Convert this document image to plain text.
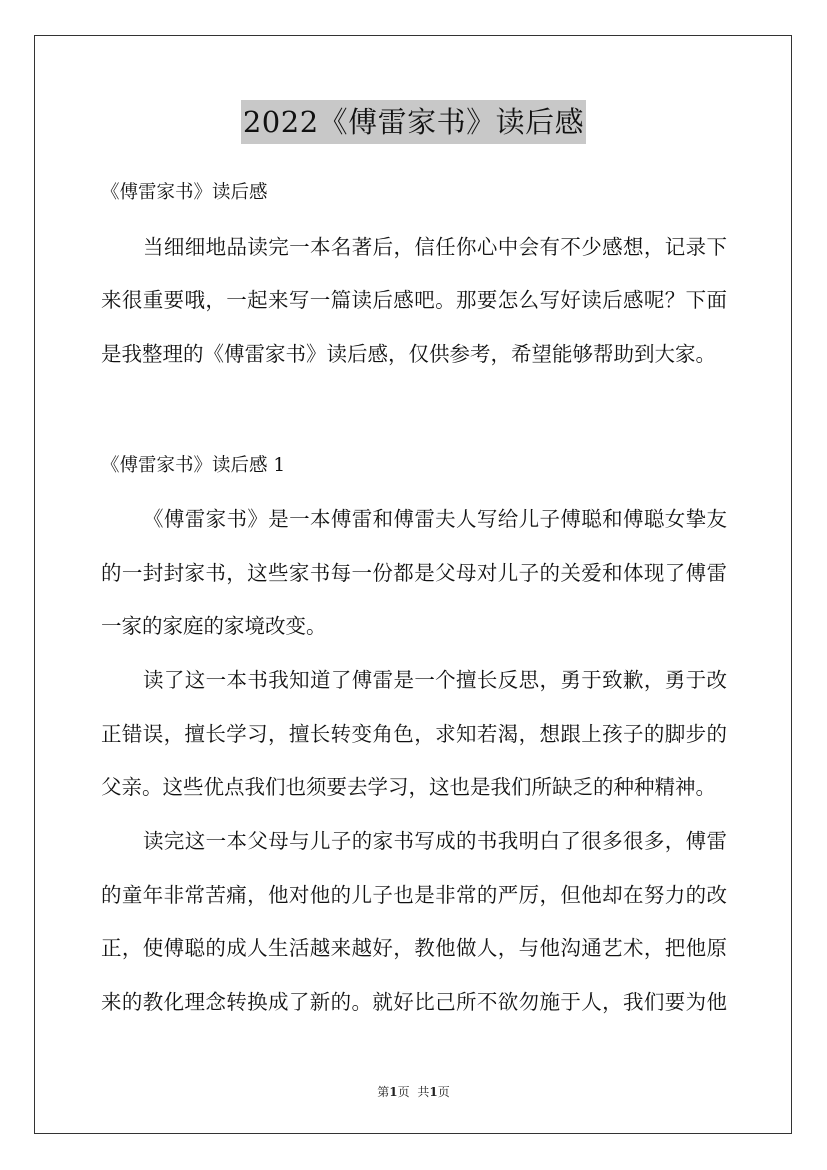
2022《傅雷家书》读后感
《傅雷家书》读后感
当细细地品读完一本名著后，信任你心中会有不少感想，记录下
来很重要哦，一起来写一篇读后感吧。那要怎么写好读后感呢？下面
是我整理的《傅雷家书》读后感，仅供参考，希望能够帮助到大家。
《傅雷家书》读后感 1
《傅雷家书》是一本傅雷和傅雷夫人写给儿子傅聪和傅聪女挚友
的一封封家书，这些家书每一份都是父母对儿子的关爱和体现了傅雷
一家的家庭的家境改变。
读了这一本书我知道了傅雷是一个擅长反思，勇于致歉，勇于改
正错误，擅长学习，擅长转变角色，求知若渴，想跟上孩子的脚步的
父亲。这些优点我们也须要去学习，这也是我们所缺乏的种种精神。
读完这一本父母与儿子的家书写成的书我明白了很多很多，傅雷
的童年非常苦痛，他对他的儿子也是非常的严厉，但他却在努力的改
正，使傅聪的成人生活越来越好，教他做人，与他沟通艺术，把他原
来的教化理念转换成了新的。就好比己所不欲勿施于人，我们要为他
第1页 共1页
